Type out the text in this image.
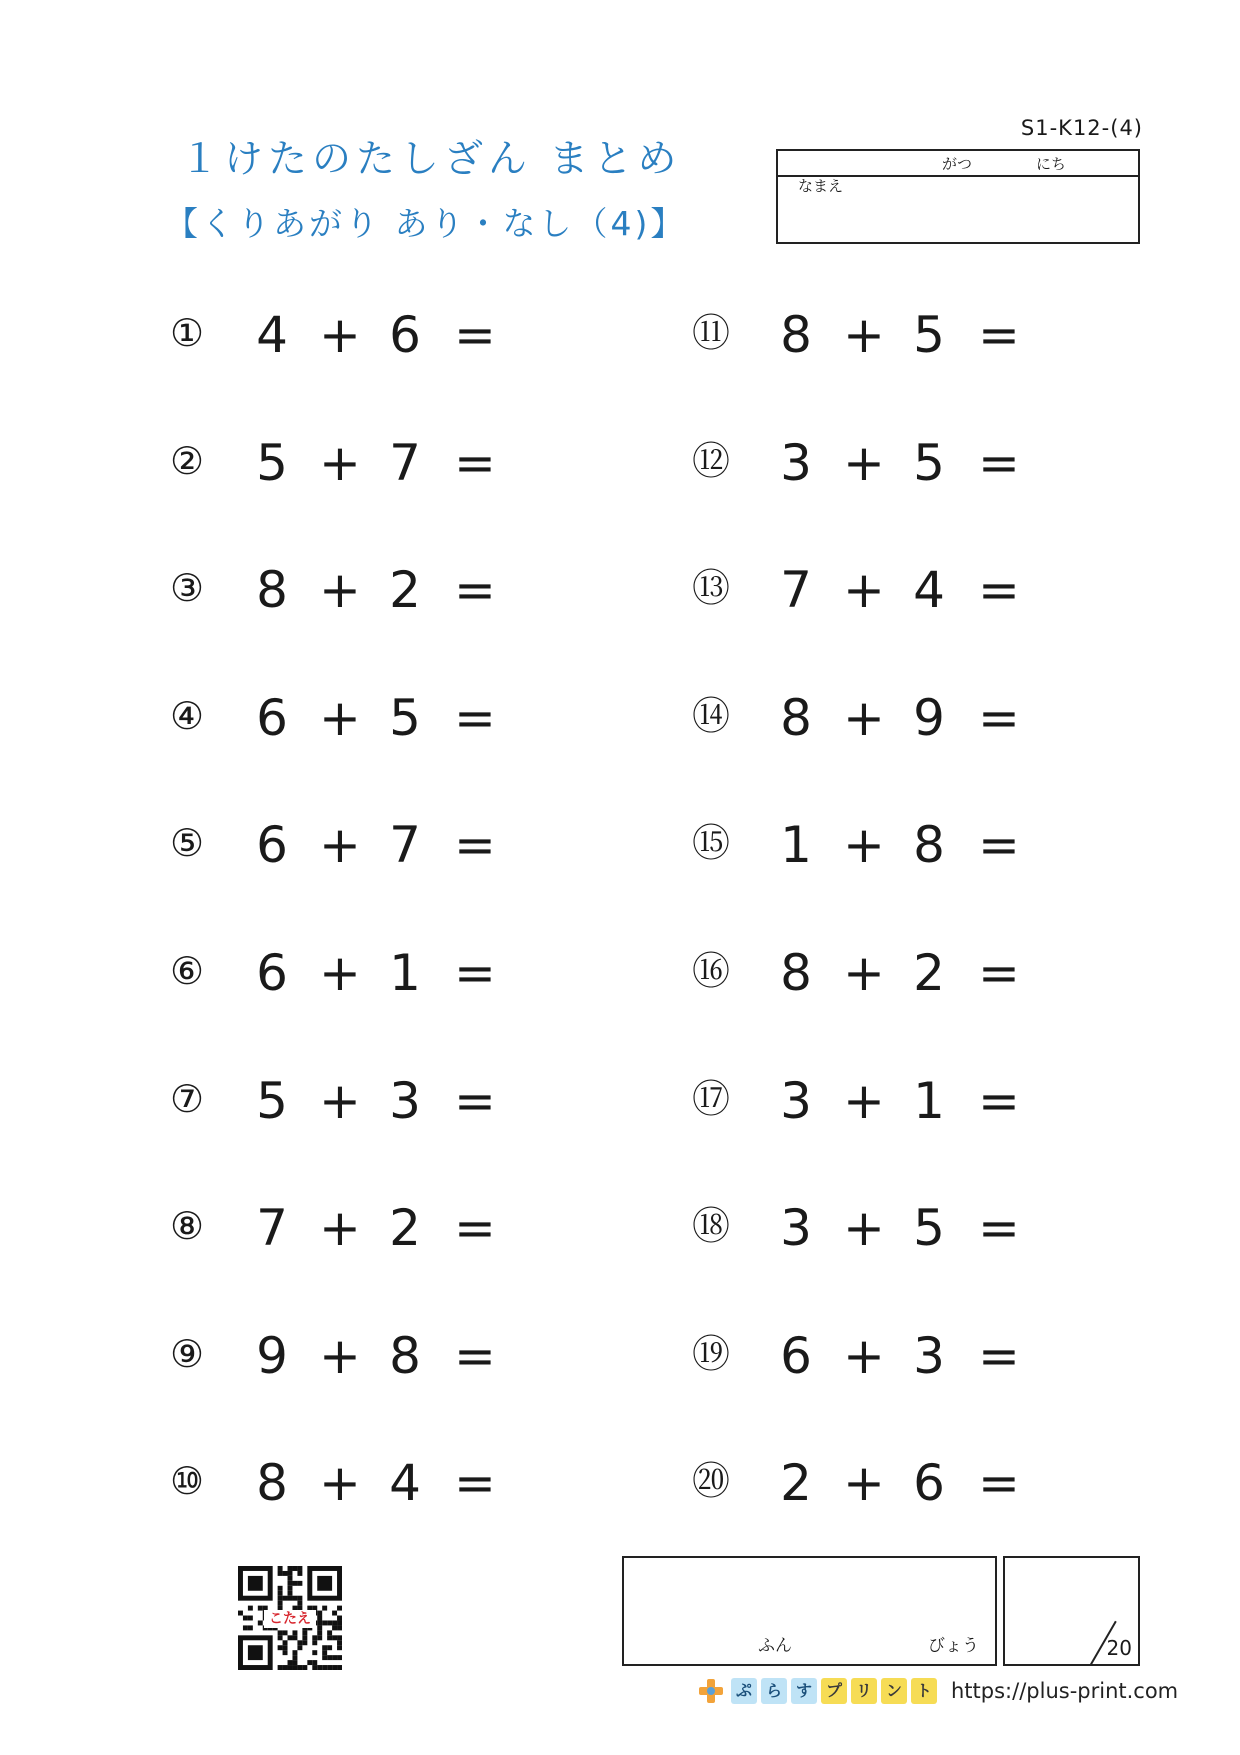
１けたのたしざん まとめ
【くりあがり あり・なし（4)】
S1-K12-(4)
がつ	にち
なまえ
① 4 + 6 =
② 5 + 7 =
③ 8 + 2 =
④ 6 + 5 =
⑤ 6 + 7 =
⑥ 6 + 1 =
⑦ 5 + 3 =
⑧ 7 + 2 =
⑨ 9 + 8 =
⑩ 8 + 4 =
⑪ 8 + 5 =
⑫ 3 + 5 =
⑬ 7 + 4 =
⑭ 8 + 9 =
⑮ 1 + 8 =
⑯ 8 + 2 =
⑰ 3 + 1 =
⑱ 3 + 5 =
⑲ 6 + 3 =
⑳ 2 + 6 =
こたえ
ふん	びょう	20
ぷ ら す プ リ ン ト https://plus-print.com
